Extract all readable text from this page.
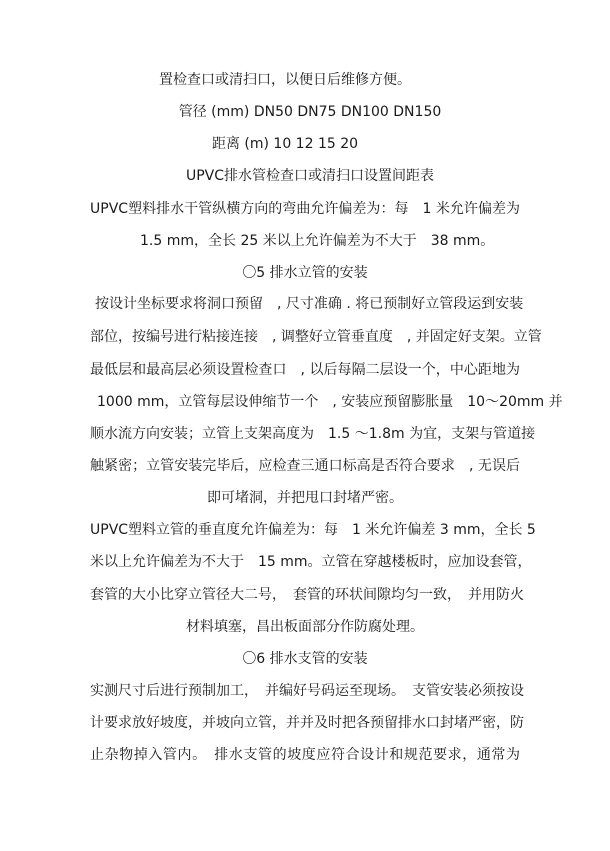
置检查口或清扫口，以便日后维修方便。
管径 (mm) DN50 DN75 DN100 DN150
距离 (m) 10 12 15 20
UPVC排水管检查口或清扫口设置间距表
UPVC塑料排水干管纵横方向的弯曲允许偏差为：每　1 米允许偏差为
1.5 mm，全长 25 米以上允许偏差为不大于　38 mm。
〇5 排水立管的安装
按设计坐标要求将洞口预留　, 尺寸准确 . 将已预制好立管段运到安装
部位，按编号进行粘接连接　, 调整好立管垂直度　, 并固定好支架。立管
最低层和最高层必须设置检查口　, 以后每隔二层设一个，中心距地为
1000 mm，立管每层设伸缩节一个　, 安装应预留膨胀量　10～20mm 并
顺水流方向安装；立管上支架高度为　1.5 ～1.8m 为宜，支架与管道接
触紧密；立管安装完毕后，应检查三通口标高是否符合要求　, 无误后
即可堵洞，并把甩口封堵严密。
UPVC塑料立管的垂直度允许偏差为：每　1 米允许偏差 3 mm，全长 5
米以上允许偏差为不大于　15 mm。立管在穿越楼板时，应加设套管，
套管的大小比穿立管径大二号，　套管的环状间隙均匀一致，　并用防火
材料填塞，昌出板面部分作防腐处理。
〇6 排水支管的安装
实测尺寸后进行预制加工，　并编好号码运至现场。　支管安装必须按设
计要求放好坡度，并坡向立管，并并及时把各预留排水口封堵严密，防
止杂物掉入管内。　排水支管的坡度应符合设计和规范要求，通常为
